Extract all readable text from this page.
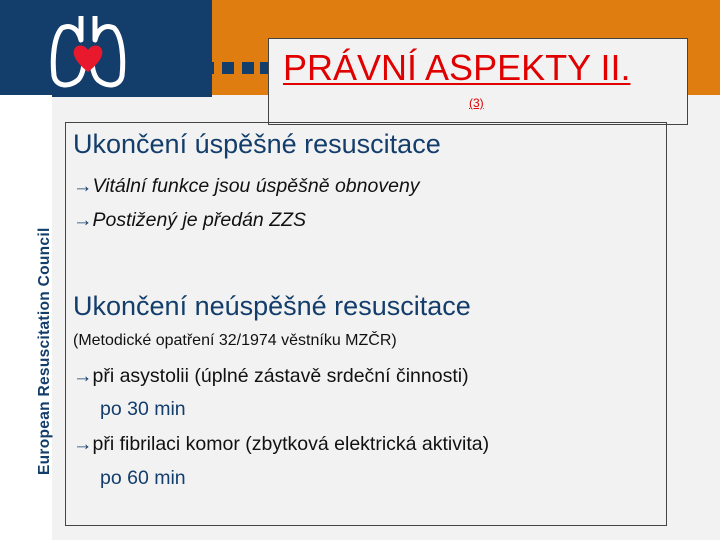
European Resuscitation Council
PRÁVNÍ ASPEKTY II.
(3)
Ukončení úspěšné resuscitace
→Vitální funkce jsou úspěšně obnoveny
→Postižený je předán ZZS
Ukončení neúspěšné resuscitace
(Metodické opatření 32/1974 věstníku MZČR)
→při asystolii (úplné zástavě srdeční činnosti)
po 30 min
→při fibrilaci komor (zbytková elektrická aktivita)
po 60 min
